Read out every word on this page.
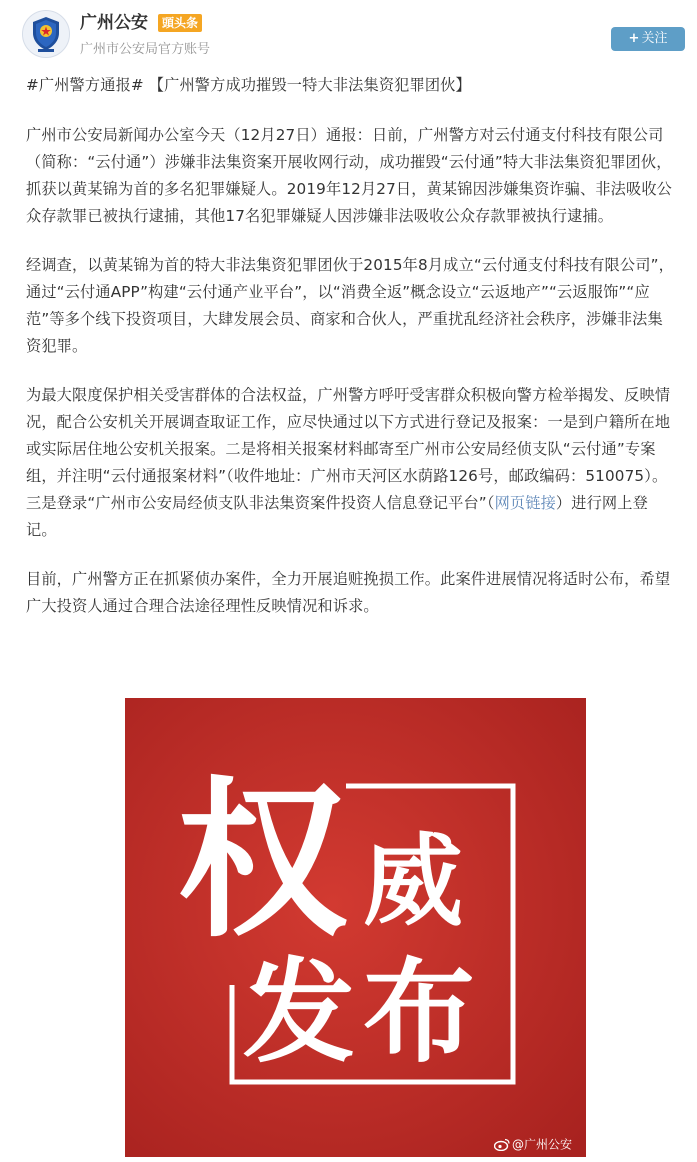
广州公安	頭头条
广州市公安局官方账号
+ 关注

#广州警方通报# 【广州警方成功摧毁一特大非法集资犯罪团伙】

广州市公安局新闻办公室今天（12月27日）通报：日前，广州警方对云付通支付科技有限公司（简称：“云付通”）涉嫌非法集资案开展收网行动，成功摧毁“云付通”特大非法集资犯罪团伙，抓获以黄某锦为首的多名犯罪嫌疑人。2019年12月27日，黄某锦因涉嫌集资诈骗、非法吸收公众存款罪已被执行逮捕，其他17名犯罪嫌疑人因涉嫌非法吸收公众存款罪被执行逮捕。

经调查，以黄某锦为首的特大非法集资犯罪团伙于2015年8月成立“云付通支付科技有限公司”，通过“云付通APP”构建“云付通产业平台”，以“消费全返”概念设立“云返地产”“云返服饰”“应范”等多个线下投资项目，大肆发展会员、商家和合伙人，严重扰乱经济社会秩序，涉嫌非法集资犯罪。

为最大限度保护相关受害群体的合法权益，广州警方呼吁受害群众积极向警方检举揭发、反映情况，配合公安机关开展调查取证工作，应尽快通过以下方式进行登记及报案：一是到户籍所在地或实际居住地公安机关报案。二是将相关报案材料邮寄至广州市公安局经侦支队“云付通”专案组，并注明“云付通报案材料”（收件地址：广州市天河区水荫路126号，邮政编码：510075）。三是登录“广州市公安局经侦支队非法集资案件投资人信息登记平台”（网页链接）进行网上登记。

目前，广州警方正在抓紧侦办案件，全力开展追赃挽损工作。此案件进展情况将适时公布，希望广大投资人通过合理合法途径理性反映情况和诉求。

权 威
发 布
@广州公安
